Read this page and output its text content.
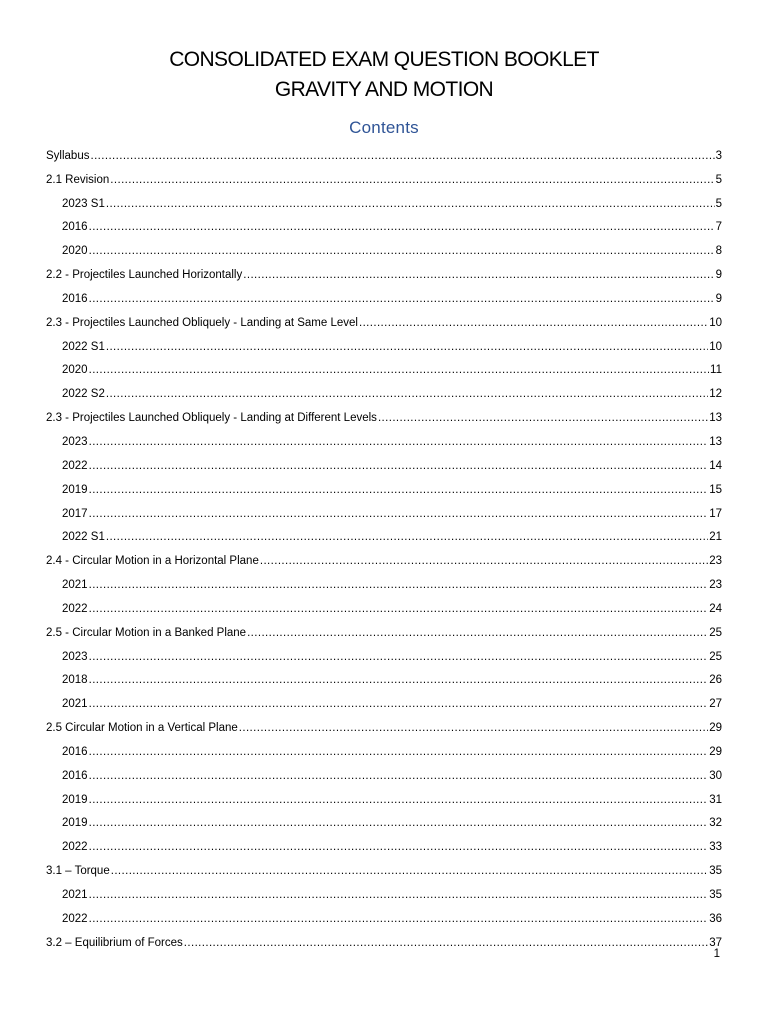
CONSOLIDATED EXAM QUESTION BOOKLET
GRAVITY AND MOTION
Contents
Syllabus .....	3
2.1 Revision .....	5
2023 S1 .....	5
2016 .....	7
2020 .....	8
2.2 - Projectiles Launched Horizontally .....	9
2016 .....	9
2.3 - Projectiles Launched Obliquely - Landing at Same Level .....	10
2022 S1 .....	10
2020 .....	11
2022 S2 .....	12
2.3 - Projectiles Launched Obliquely - Landing at Different Levels .....	13
2023 .....	13
2022 .....	14
2019 .....	15
2017 .....	17
2022 S1 .....	21
2.4 - Circular Motion in a Horizontal Plane .....	23
2021 .....	23
2022 .....	24
2.5 - Circular Motion in a Banked Plane .....	25
2023 .....	25
2018 .....	26
2021 .....	27
2.5 Circular Motion in a Vertical Plane .....	29
2016 .....	29
2016 .....	30
2019 .....	31
2019 .....	32
2022 .....	33
3.1 – Torque .....	35
2021 .....	35
2022 .....	36
3.2 – Equilibrium of Forces .....	37
1
